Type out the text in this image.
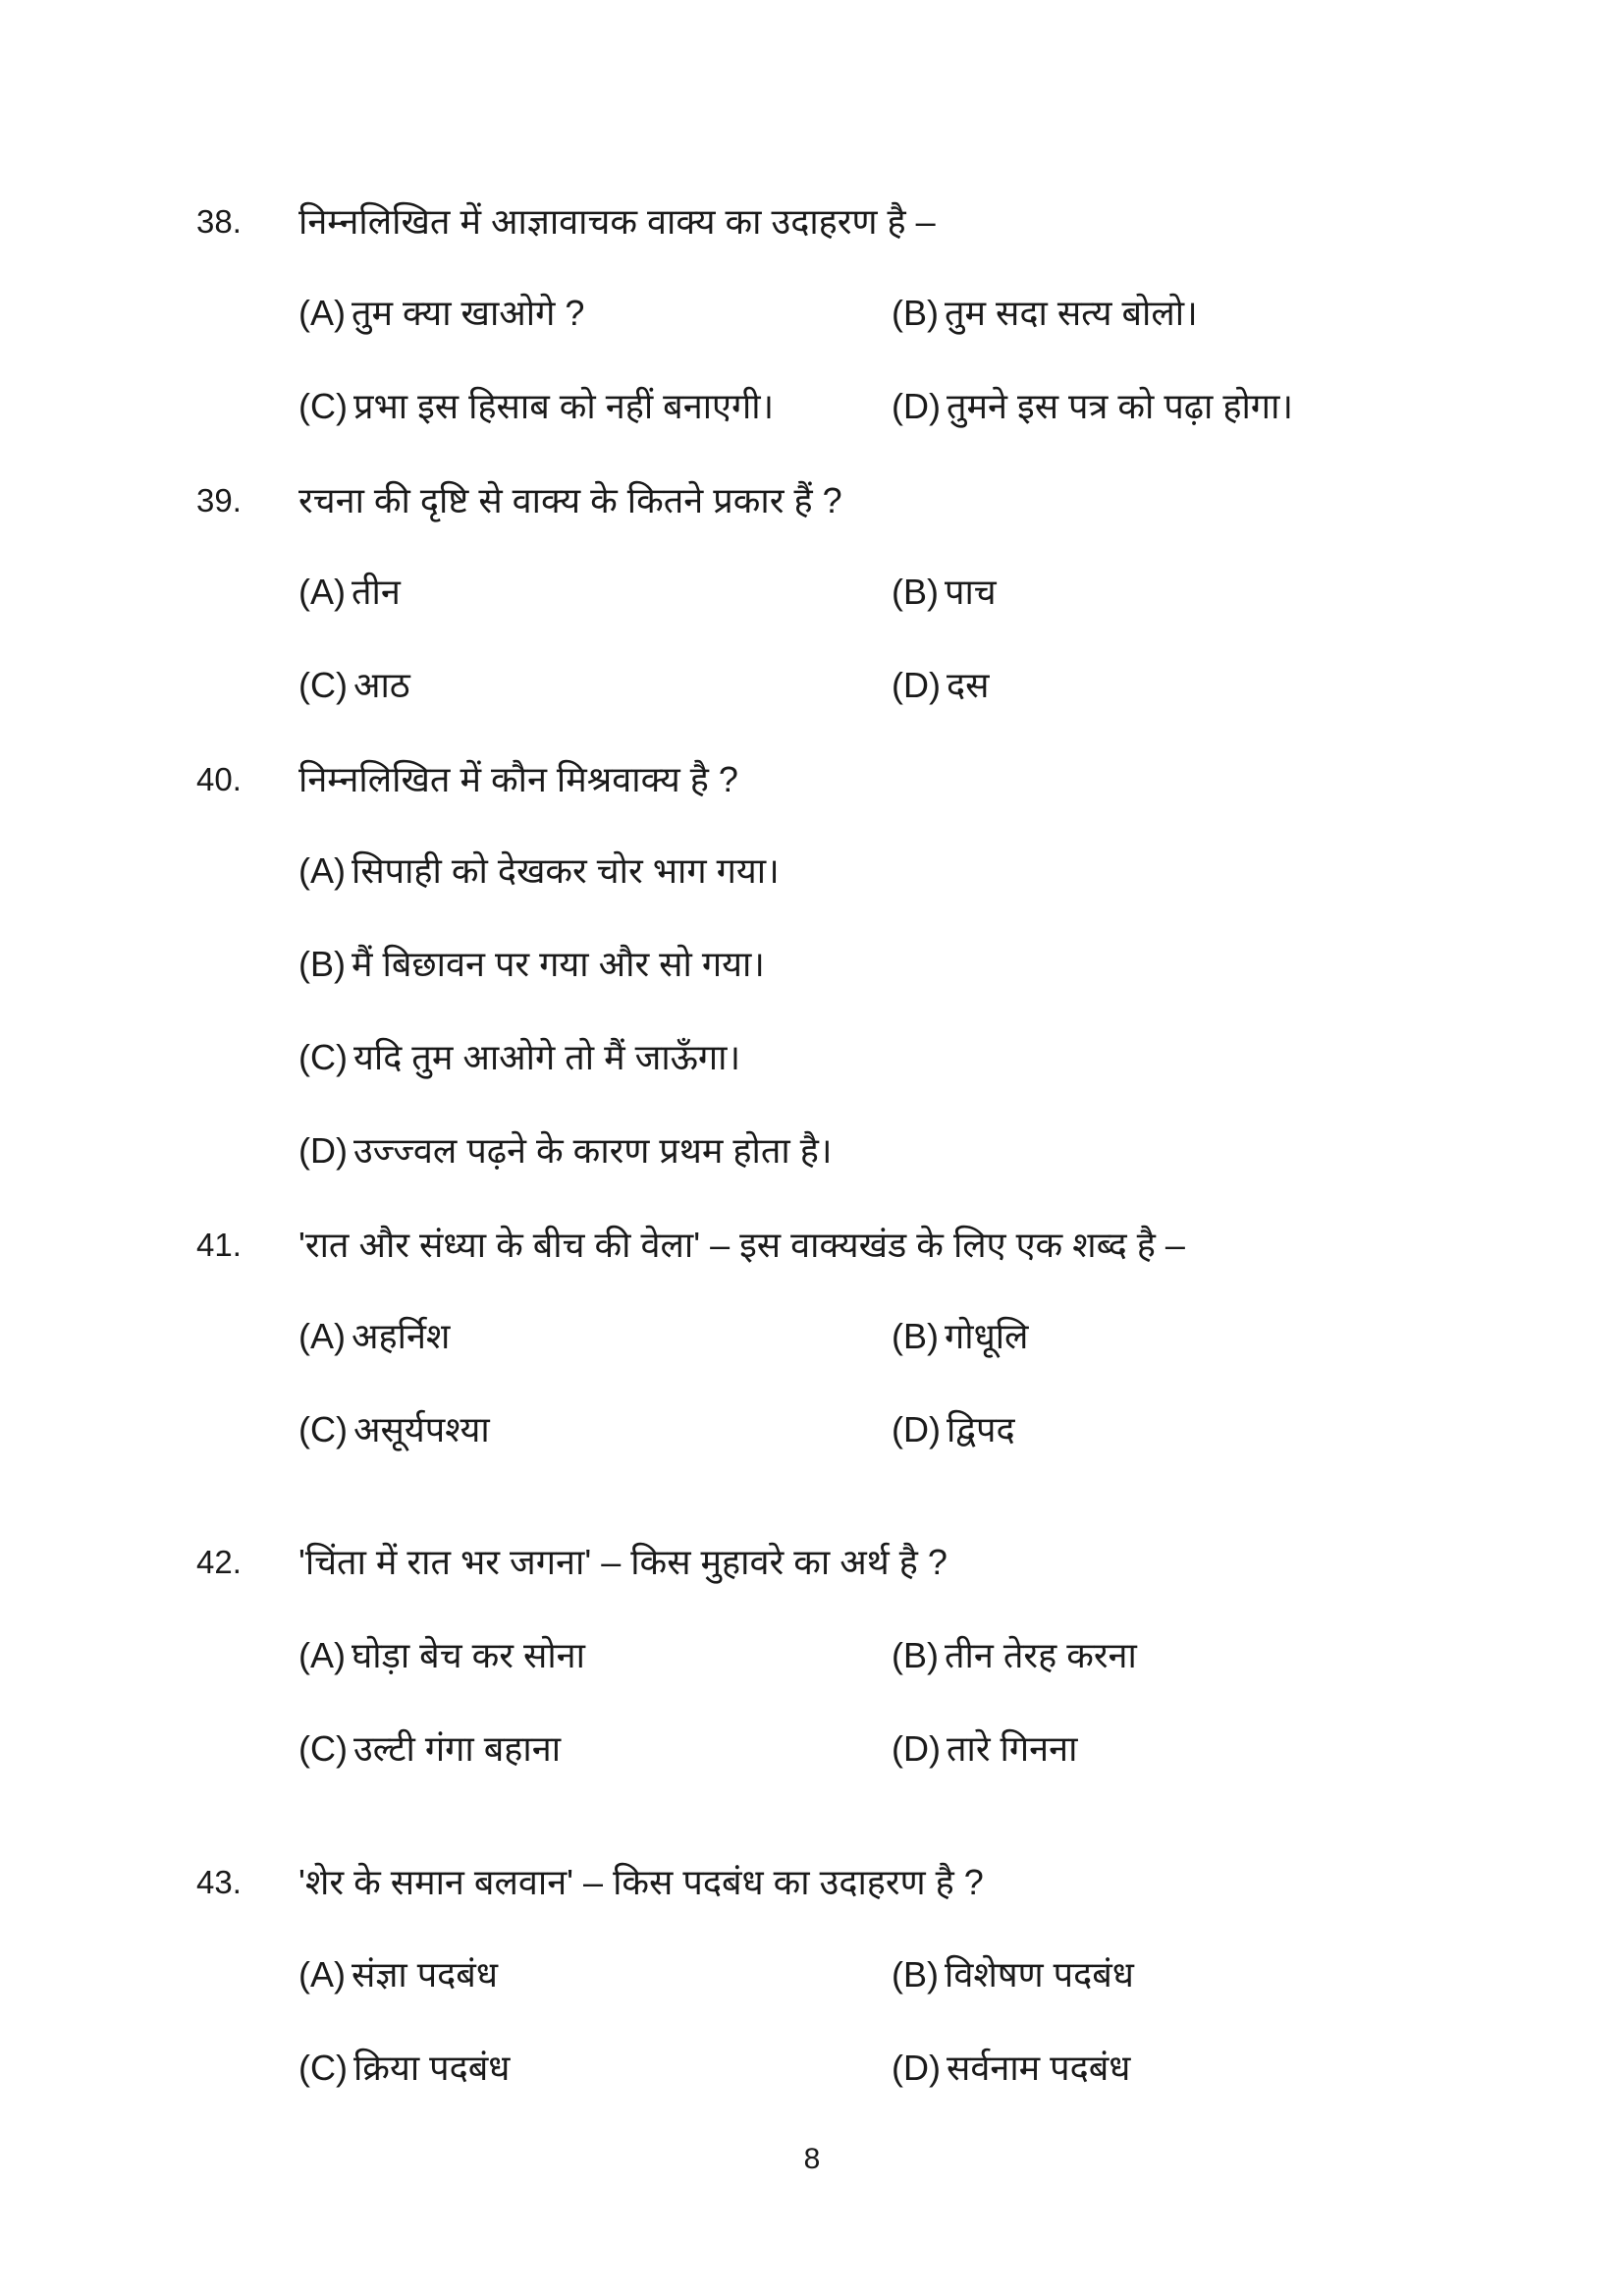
38. निम्नलिखित में आज्ञावाचक वाक्य का उदाहरण है –
(A) तुम क्या खाओगे ?	(B) तुम सदा सत्य बोलो।
(C) प्रभा इस हिसाब को नहीं बनाएगी।	(D) तुमने इस पत्र को पढ़ा होगा।
39. रचना की दृष्टि से वाक्य के कितने प्रकार हैं ?
(A) तीन	(B) पाच
(C) आठ	(D) दस
40. निम्नलिखित में कौन मिश्रवाक्य है ?
(A) सिपाही को देखकर चोर भाग गया।
(B) मैं बिछावन पर गया और सो गया।
(C) यदि तुम आओगे तो मैं जाऊँगा।
(D) उज्ज्वल पढ़ने के कारण प्रथम होता है।
41. 'रात और संध्या के बीच की वेला' – इस वाक्यखंड के लिए एक शब्द है –
(A) अहर्निश	(B) गोधूलि
(C) असूर्यपश्या	(D) द्विपद
42. 'चिंता में रात भर जगना' – किस मुहावरे का अर्थ है ?
(A) घोड़ा बेच कर सोना	(B) तीन तेरह करना
(C) उल्टी गंगा बहाना	(D) तारे गिनना
43. 'शेर के समान बलवान' – किस पदबंध का उदाहरण है ?
(A) संज्ञा पदबंध	(B) विशेषण पदबंध
(C) क्रिया पदबंध	(D) सर्वनाम पदबंध
8
